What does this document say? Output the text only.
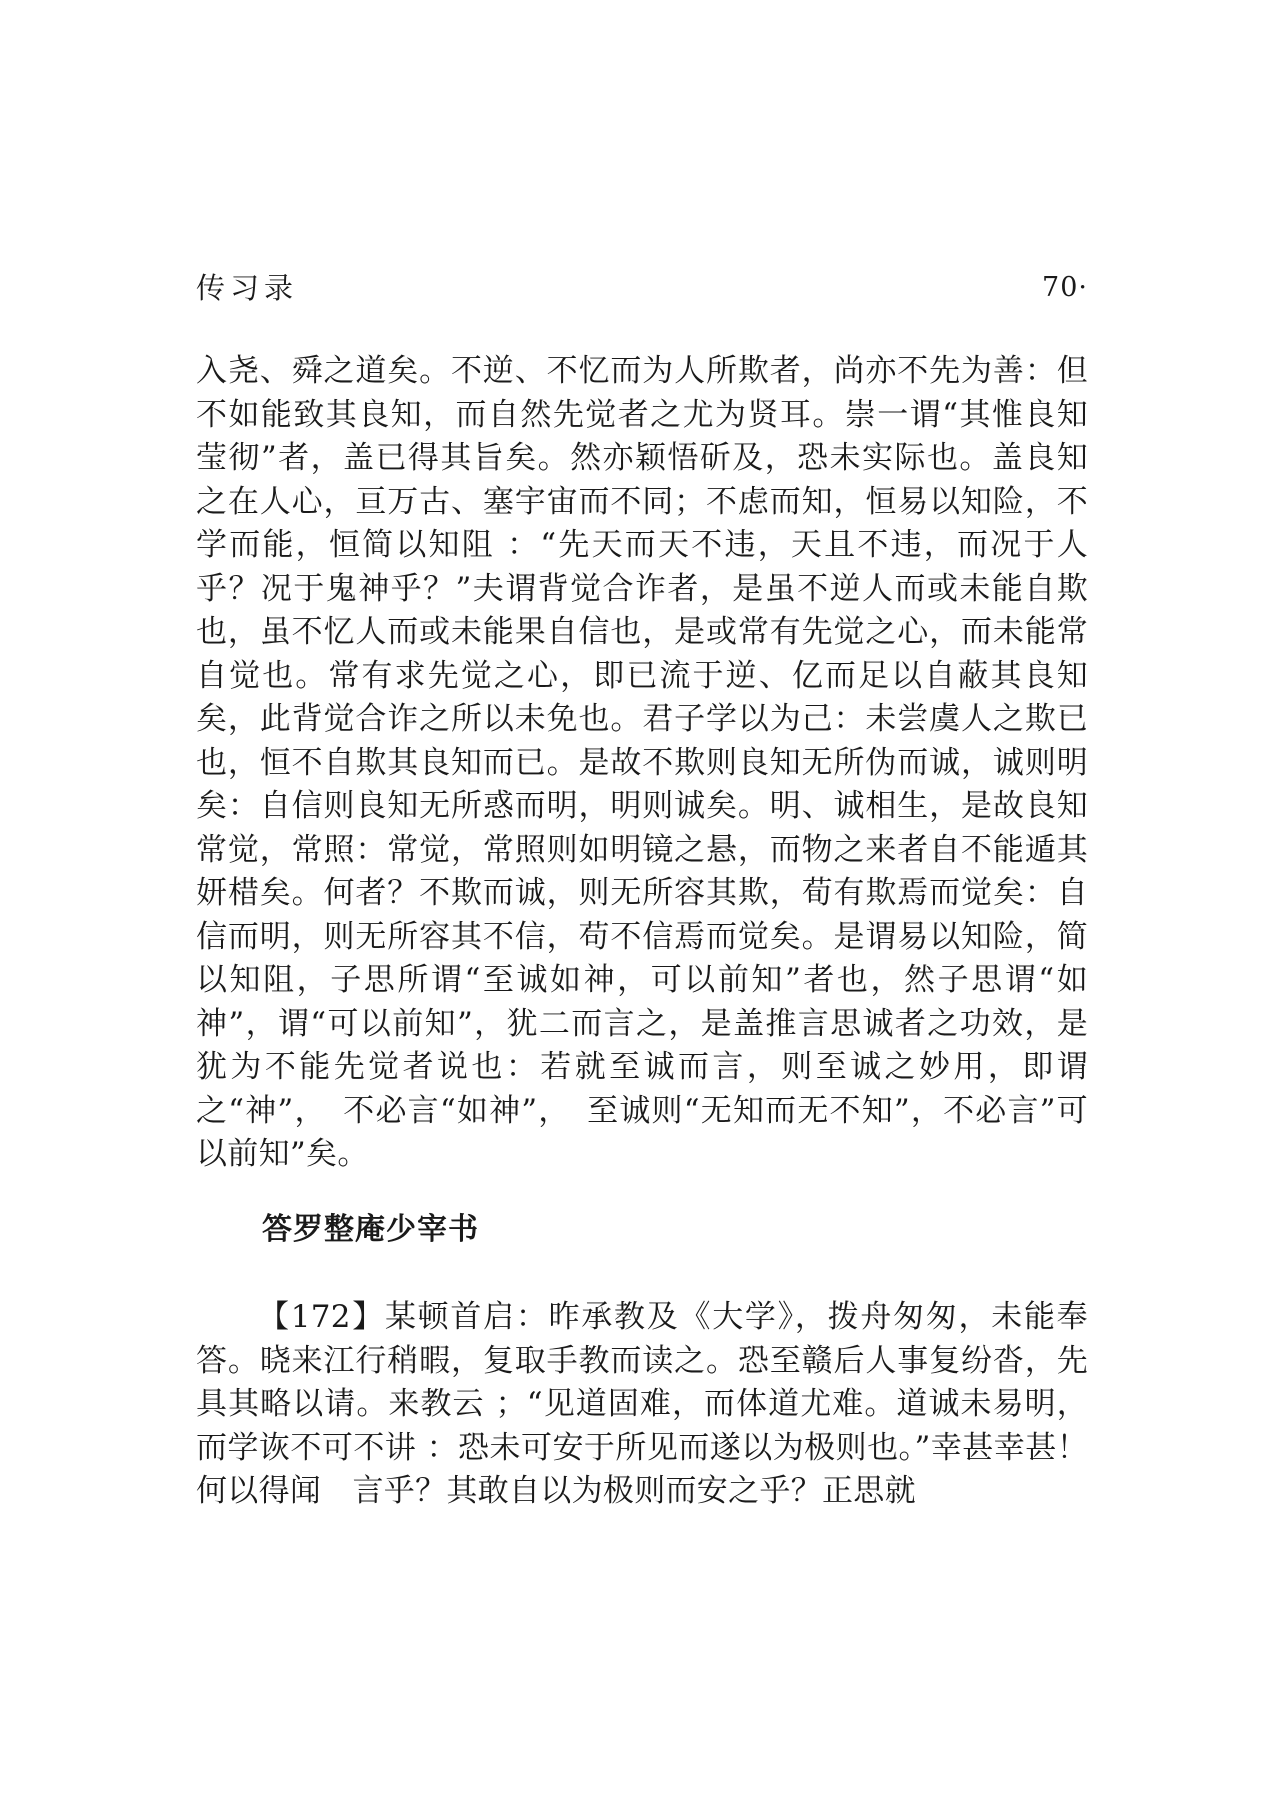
传习录	70·

入尧、舜之道矣。不逆、不忆而为人所欺者，尚亦不先为善：但不如能致其良知，而自然先觉者之尤为贤耳。崇一谓“其惟良知莹彻”者，盖已得其旨矣。然亦颖悟斫及，恐未实际也。盖良知之在人心，亘万古、塞宇宙而不同；不虑而知，恒易以知险，不学而能，恒简以知阻 ：“先天而天不违，天且不违，而况于人乎？况于鬼神乎？”夫谓背觉合诈者，是虽不逆人而或未能自欺也，虽不忆人而或未能果自信也，是或常有先觉之心，而未能常自觉也。常有求先觉之心，即已流于逆、亿而足以自蔽其良知矣，此背觉合诈之所以未免也。君子学以为己：未尝虞人之欺已也，恒不自欺其良知而已。是故不欺则良知无所伪而诚，诚则明矣：自信则良知无所惑而明，明则诚矣。明、诚相生，是故良知常觉，常照：常觉，常照则如明镜之悬，而物之来者自不能遁其妍棤矣。何者？不欺而诚，则无所容其欺，荀有欺焉而觉矣：自信而明，则无所容其不信，苟不信焉而觉矣。是谓易以知险，简以知阻，子思所谓“至诚如神，可以前知”者也，然子思谓“如神”，谓“可以前知”，犹二而言之，是盖推言思诚者之功效，是犹为不能先觉者说也：若就至诚而言，则至诚之妙用，即谓之“神”，　不必言“如神”，　至诚则“无知而无不知”，不必言”可以前知”矣。

答罗整庵少宰书

【172】某顿首启：昨承教及《大学》，拨舟匆匆，未能奉答。晓来江行稍暇，复取手教而读之。恐至赣后人事复纷沓，先具其略以请。来教云 ；“见道固难，而体道尤难。道诚未易明，而学诙不可不讲 ：恐未可安于所见而遂以为极则也。”幸甚幸甚！何以得闻　言乎？其敢自以为极则而安之乎？正思就
